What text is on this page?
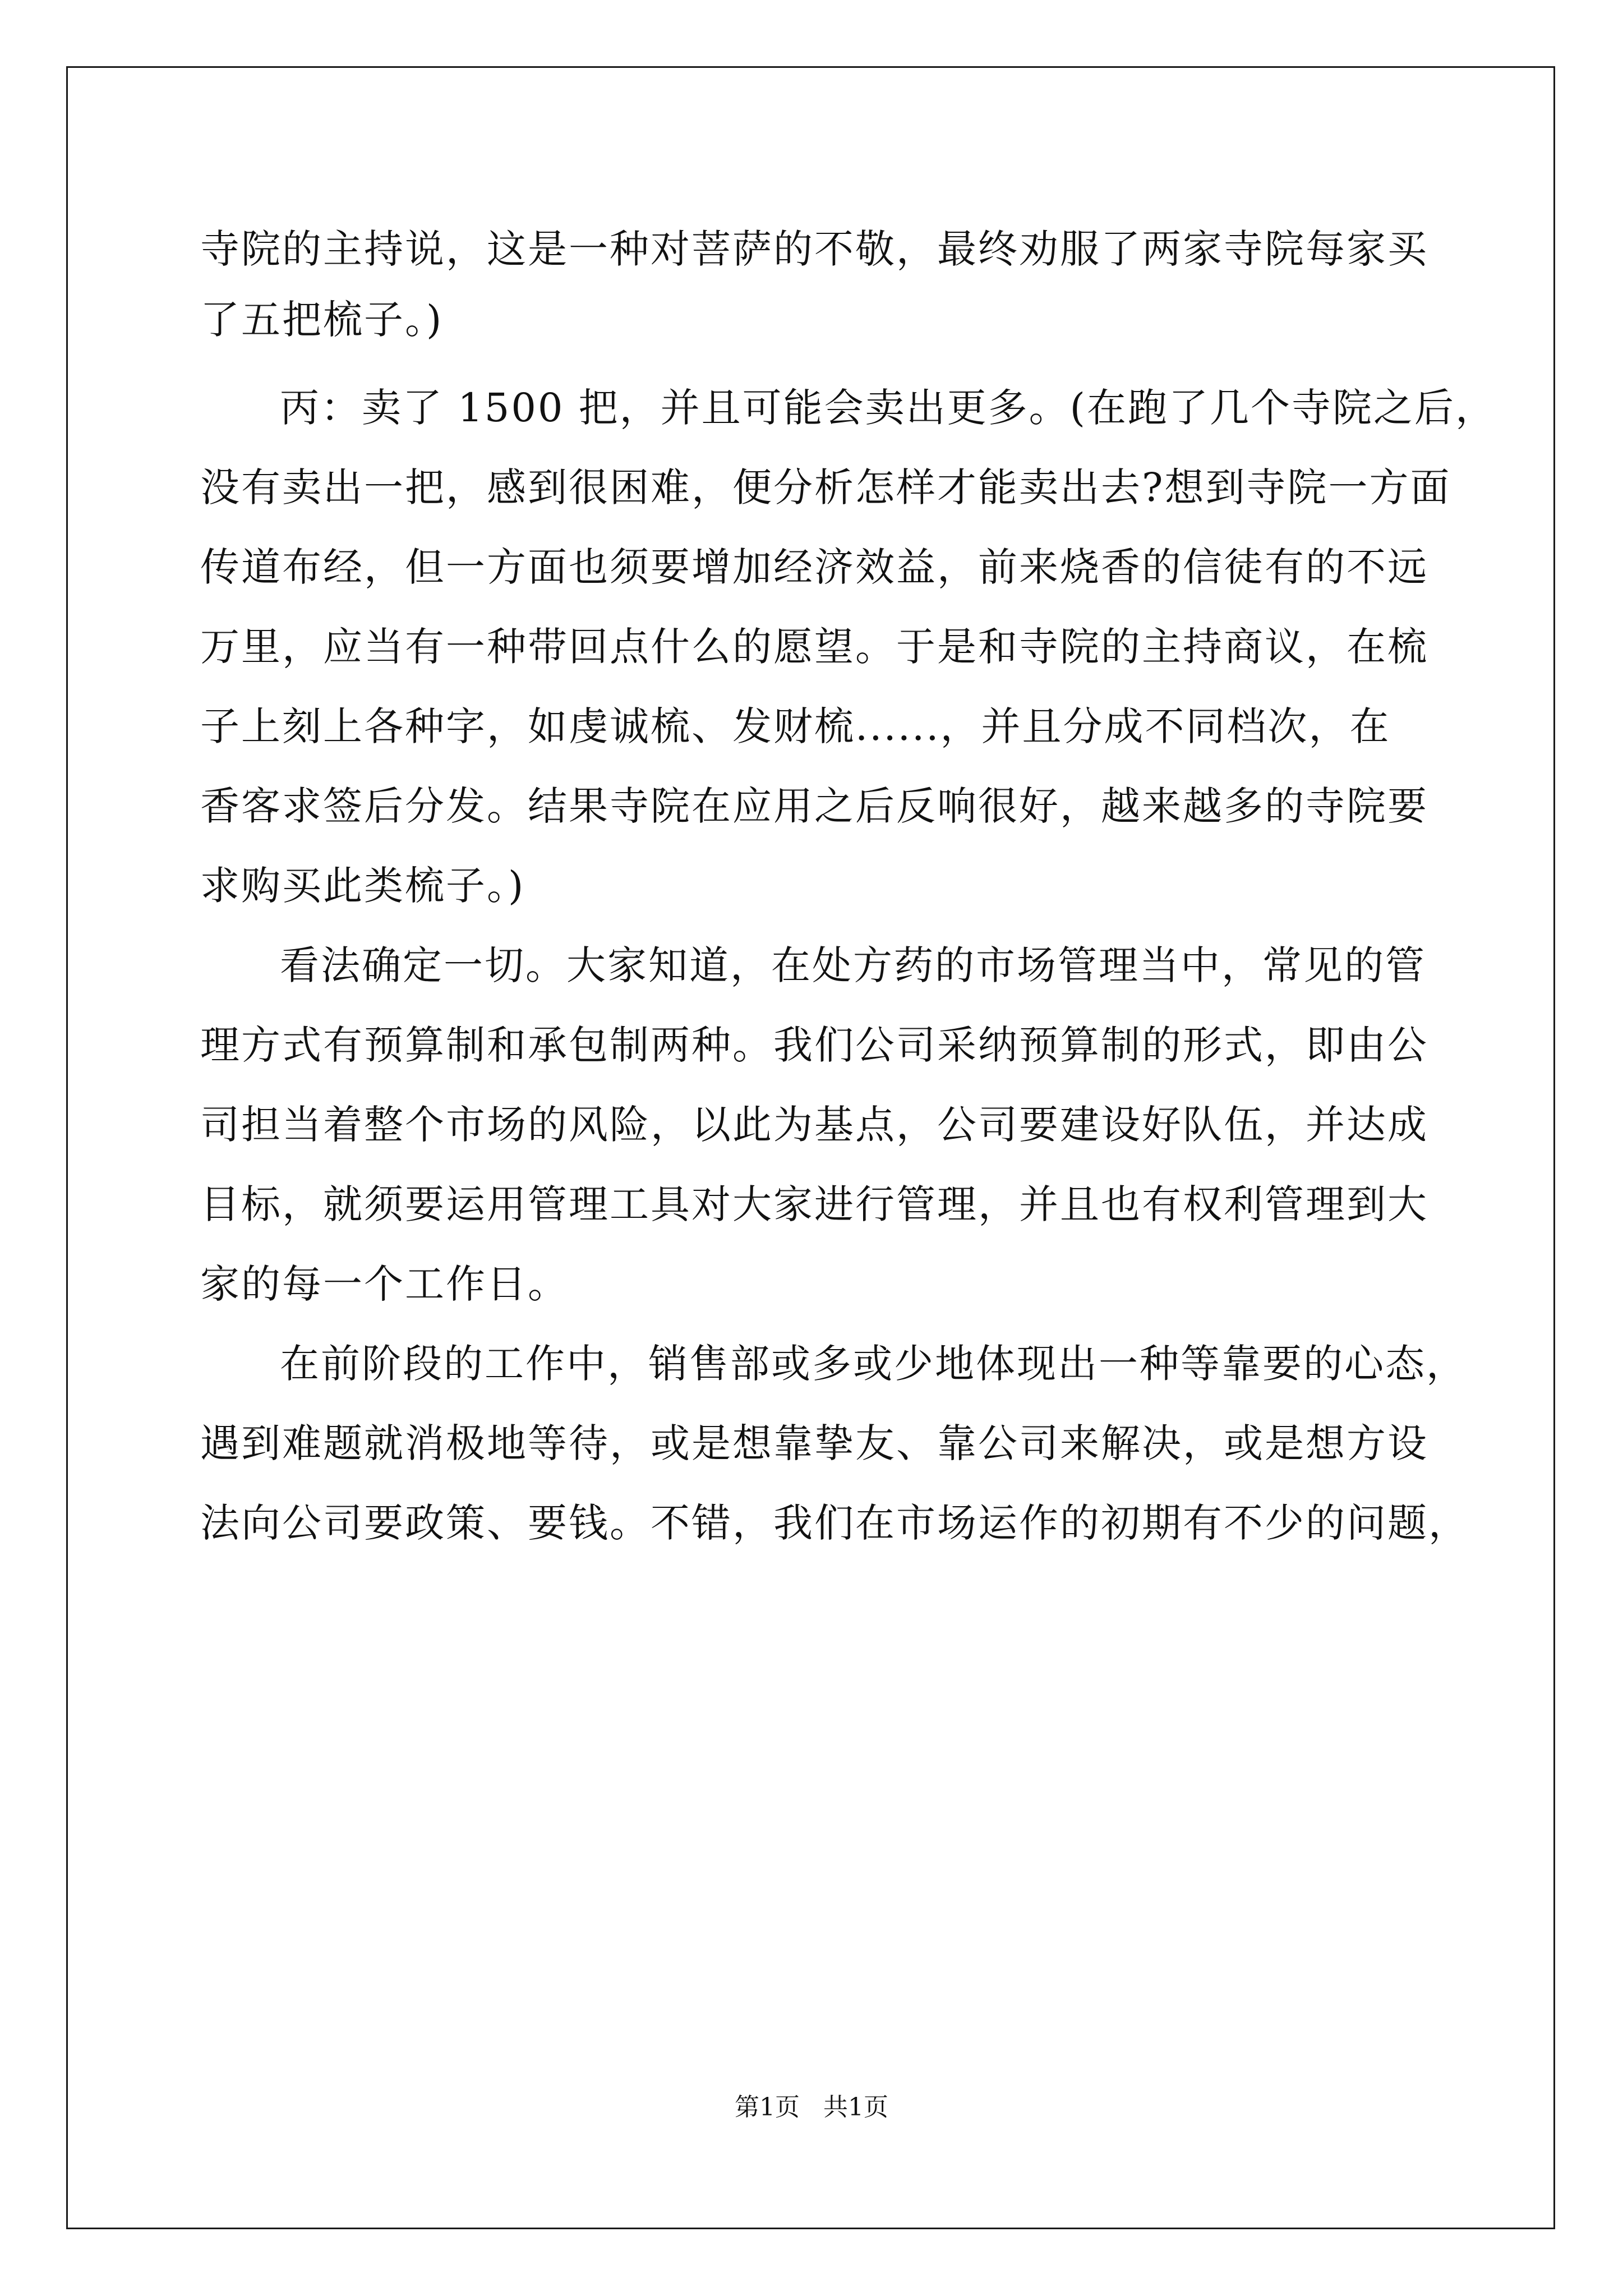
寺院的主持说，这是一种对菩萨的不敬，最终劝服了两家寺院每家买
了五把梳子。)
丙：卖了 1500 把，并且可能会卖出更多。(在跑了几个寺院之后，
没有卖出一把，感到很困难，便分析怎样才能卖出去?想到寺院一方面
传道布经，但一方面也须要增加经济效益，前来烧香的信徒有的不远
万里，应当有一种带回点什么的愿望。于是和寺院的主持商议，在梳
子上刻上各种字，如虔诚梳、发财梳......，并且分成不同档次，在
香客求签后分发。结果寺院在应用之后反响很好，越来越多的寺院要
求购买此类梳子。)
看法确定一切。大家知道，在处方药的市场管理当中，常见的管
理方式有预算制和承包制两种。我们公司采纳预算制的形式，即由公
司担当着整个市场的风险，以此为基点，公司要建设好队伍，并达成
目标，就须要运用管理工具对大家进行管理，并且也有权利管理到大
家的每一个工作日。
在前阶段的工作中，销售部或多或少地体现出一种等靠要的心态，
遇到难题就消极地等待，或是想靠挚友、靠公司来解决，或是想方设
法向公司要政策、要钱。不错，我们在市场运作的初期有不少的问题，
第1页   共1页
